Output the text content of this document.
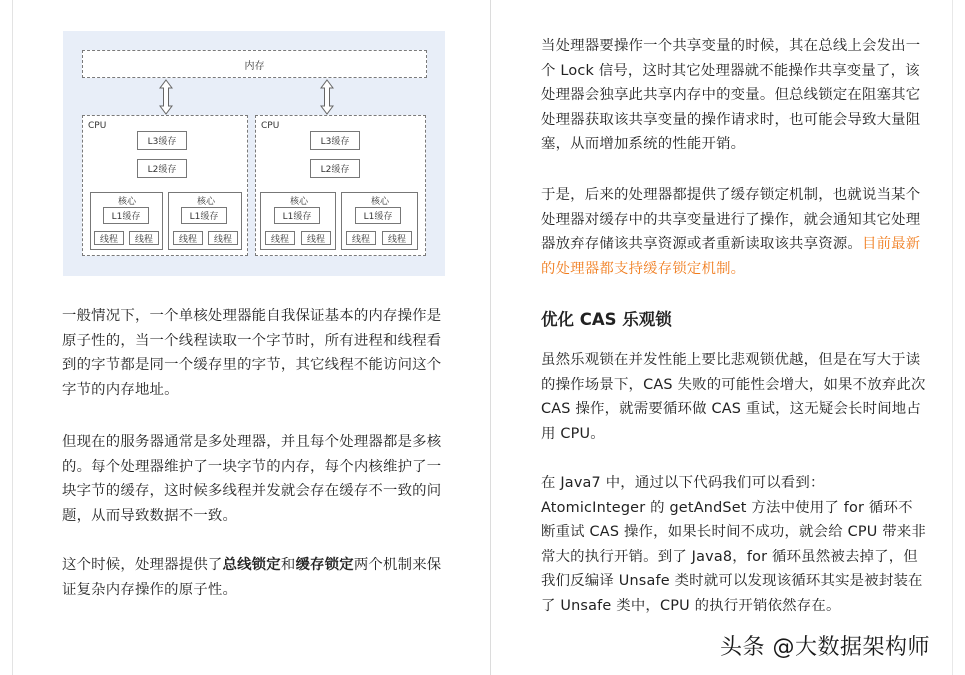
内存
CPU
L3缓存
L2缓存
核心
L1缓存
线程	线程
核心
L1缓存
线程	线程
CPU
L3缓存
L2缓存
核心
L1缓存
线程	线程
核心
L1缓存
线程	线程
一般情况下，一个单核处理器能自我保证基本的内存操作是原子性的，当一个线程读取一个字节时，所有进程和线程看到的字节都是同一个缓存里的字节，其它线程不能访问这个字节的内存地址。
但现在的服务器通常是多处理器，并且每个处理器都是多核的。每个处理器维护了一块字节的内存，每个内核维护了一块字节的缓存，这时候多线程并发就会存在缓存不一致的问题，从而导致数据不一致。
这个时候，处理器提供了总线锁定和缓存锁定两个机制来保证复杂内存操作的原子性。
当处理器要操作一个共享变量的时候，其在总线上会发出一个 Lock 信号，这时其它处理器就不能操作共享变量了，该处理器会独享此共享内存中的变量。但总线锁定在阻塞其它处理器获取该共享变量的操作请求时，也可能会导致大量阻塞，从而增加系统的性能开销。
于是，后来的处理器都提供了缓存锁定机制，也就说当某个处理器对缓存中的共享变量进行了操作，就会通知其它处理器放弃存储该共享资源或者重新读取该共享资源。目前最新的处理器都支持缓存锁定机制。
优化 CAS 乐观锁
虽然乐观锁在并发性能上要比悲观锁优越，但是在写大于读的操作场景下，CAS 失败的可能性会增大，如果不放弃此次 CAS 操作，就需要循环做 CAS 重试，这无疑会长时间地占用 CPU。
在 Java7 中，通过以下代码我们可以看到：AtomicInteger 的 getAndSet 方法中使用了 for 循环不断重试 CAS 操作，如果长时间不成功，就会给 CPU 带来非常大的执行开销。到了 Java8，for 循环虽然被去掉了，但我们反编译 Unsafe 类时就可以发现该循环其实是被封装在了 Unsafe 类中，CPU 的执行开销依然存在。
头条 @大数据架构师
